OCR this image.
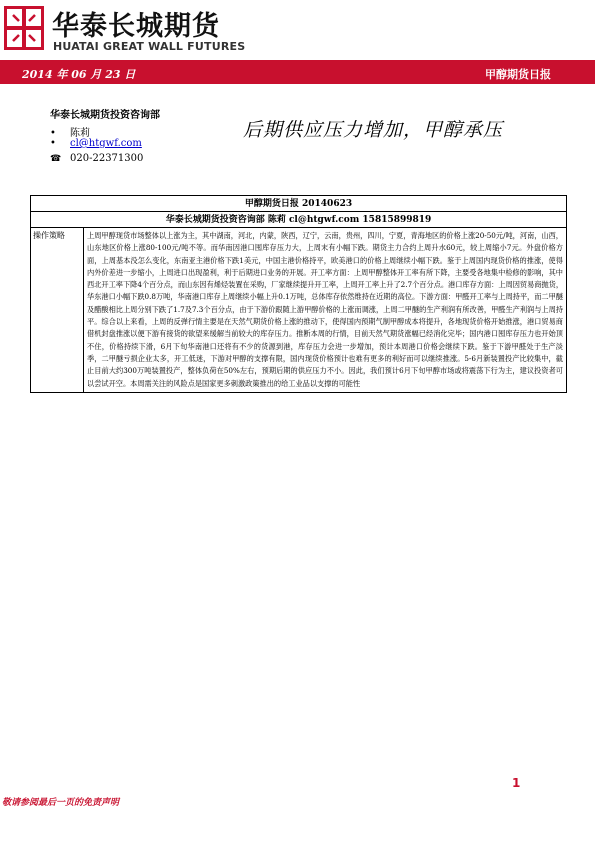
华泰长城期货
HUATAI GREAT WALL FUTURES
2014 年 06 月 23 日	甲醇期货日报
华泰长城期货投资咨询部
• 陈莉
• cl@htgwf.com
☎ 020-22371300
后期供应压力增加，甲醇承压
甲醇期货日报 20140623
华泰长城期货投资咨询部 陈莉 cl@htgwf.com 15815899819
操作策略	上周甲醇现货市场整体以上涨为主，其中湖南，河北，内蒙，陕西，辽宁，云南，贵州，四川，宁夏，青海地区的价格上涨20-50元/吨，河南，山西，山东地区价格上涨80-100元/吨不等。而华南因港口囤库存压力大，上周末有小幅下跌。期货主力合约上周升水60元，较上周缩小7元。外盘价格方面，上周基本没怎么变化，东南亚主港价格下跌1美元，中国主港价格持平，欧美港口的价格上周继续小幅下跌。鉴于上周国内现货价格的推涨，使得内外价差进一步缩小，上周进口出现盈利，利于后期进口业务的开展。开工率方面：上周甲醇整体开工率有所下降，主要受各地集中检修的影响，其中西北开工率下降4个百分点，而山东因有烯烃装置在采购，厂家继续提升开工率，上周开工率上升了2.7个百分点。港口库存方面：上周因贸易商抛货，华东港口小幅下跌0.8万吨，华南港口库存上周继续小幅上升0.1万吨，总体库存依然维持在近期的高位。下游方面：甲醛开工率与上周持平，而二甲醚及醋酸相比上周分别下跌了1.7及7.3个百分点，由于下游价跟随上游甲醇价格的上涨而调涨，上周二甲醚的生产利润有所改善，甲醛生产利润与上周持平。综合以上来看，上周的反弹行情主要是在天然气期货价格上涨的推动下，使得国内预期气制甲醇成本将提升，各地现货价格开始推涨，港口贸易商借机封盘推涨以便下游有接货的欲望来缓解当前较大的库存压力。推断本周的行情，目前天然气期货涨幅已经消化完毕；国内港口囤库存压力也开始顶不住，价格持续下滑，6月下旬华南港口还将有不少的货源到港，库存压力会进一步增加，预计本周港口价格会继续下跌。鉴于下游甲醛处于生产淡季，二甲醚亏损企业太多，开工低迷，下游对甲醇的支撑有限，国内现货价格预计也难有更多的利好而可以继续推涨。5-6月新装置投产比较集中，截止目前大约300万吨装置投产，整体负荷在50%左右，预期后期的供应压力不小。因此，我们预计6月下旬甲醇市场或将震荡下行为主，建议投资者可以尝试开空。本周需关注的风险点是国家更多刺激政策推出的给工业品以支撑的可能性
1
敬请参阅最后一页的免责声明
